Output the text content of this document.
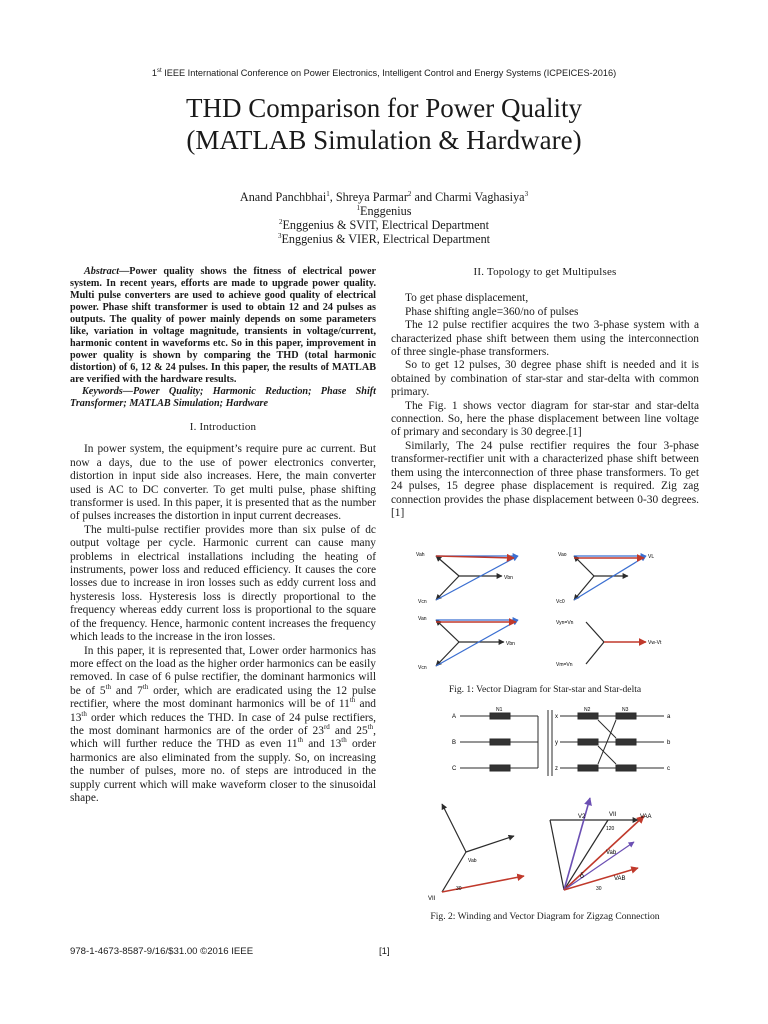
1st IEEE International Conference on Power Electronics, Intelligent Control and Energy Systems (ICPEICES-2016)
THD Comparison for Power Quality
(MATLAB Simulation & Hardware)
Anand Panchbhai$^1$, Shreya Parmar$^2$ and Charmi Vaghasiya$^3$
$^1$Enggenius
$^2$Enggenius & SVIT, Electrical Department
$^3$Enggenius & VIER, Electrical Department

Abstract—Power quality shows the fitness of electrical power system. In recent years, efforts are made to upgrade power quality. Multi pulse converters are used to achieve good quality of electrical power. Phase shift transformer is used to obtain 12 and 24 pulses as outputs. The quality of power mainly depends on some parameters like, variation in voltage magnitude, transients in voltage/current, harmonic content in waveforms etc. So in this paper, improvement in power quality is shown by comparing the THD (total harmonic distortion) of 6, 12 & 24 pulses. In this paper, the results of MATLAB are verified with the hardware results.

Keywords—Power Quality; Harmonic Reduction; Phase Shift Transformer; MATLAB Simulation; Hardware

I. Introduction

In power system, the equipment’s require pure ac current. But now a days, due to the use of power electronics converter, distortion in input side also increases. Here, the main converter used is AC to DC converter. To get multi pulse, phase shifting transformer is used. In this paper, it is presented that as the number of pulses increases the distortion in input current decreases.

The multi-pulse rectifier provides more than six pulse of dc output voltage per cycle. Harmonic current can cause many problems in electrical installations including the heating of instruments, power loss and reduced efficiency. It causes the core losses due to increase in iron losses such as eddy current loss and hysteresis loss. Hysteresis loss is directly proportional to the frequency whereas eddy current loss is proportional to the square of the frequency. Hence, harmonic content increases the frequency which leads to the increase in the iron losses.

In this paper, it is represented that, Lower order harmonics has more effect on the load as the higher order harmonics can be easily removed. In case of 6 pulse rectifier, the dominant harmonics will be of 5th and 7th order, which are eradicated using the 12 pulse rectifier, where the most dominant harmonics will be of 11th and 13th order which reduces the THD. In case of 24 pulse rectifiers, the most dominant harmonics are of the order of 23rd and 25th, which will further reduce the THD as even 11th and 13th order harmonics are also eliminated from the supply. So, on increasing the number of pulses, more no. of steps are introduced in the supply current which will make waveform closer to the sinusoidal shape.

II. Topology to get Multipulses

To get phase displacement,

Phase shifting angle=360/no of pulses

The 12 pulse rectifier acquires the two 3-phase system with a characterized phase shift between them using the interconnection of three single-phase transformers.

So to get 12 pulses, 30 degree phase shift is needed and it is obtained by combination of star-star and star-delta with common primary.

The Fig. 1 shows vector diagram for star-star and star-delta connection. So, here the phase displacement between line voltage of primary and secondary is 30 degree.[1]

Similarly, The 24 pulse rectifier requires the four 3-phase transformer-rectifier unit with a characterized phase shift between them using the interconnection of three phase transformers. To get 24 pulses, 15 degree phase displacement is required. Zig zag connection provides the phase displacement between 0-30 degrees.[1]

Vah
Vcn
Vbn
Vao
Vc0
VL
Van
Vcn
Vbn
Vyn=Vn
Vm=Vn
Vw-Vt
Fig. 1: Vector Diagram for Star-star and Star-delta
A
B
C
N1	N2	N3
x
y
z
a
b
c
VII
Vab
30
V2	VII	VAA
120
Vab
VAB
δ
30
Fig. 2: Winding and Vector Diagram for Zigzag Connection
978-1-4673-8587-9/16/$31.00 ©2016 IEEE	[1]
